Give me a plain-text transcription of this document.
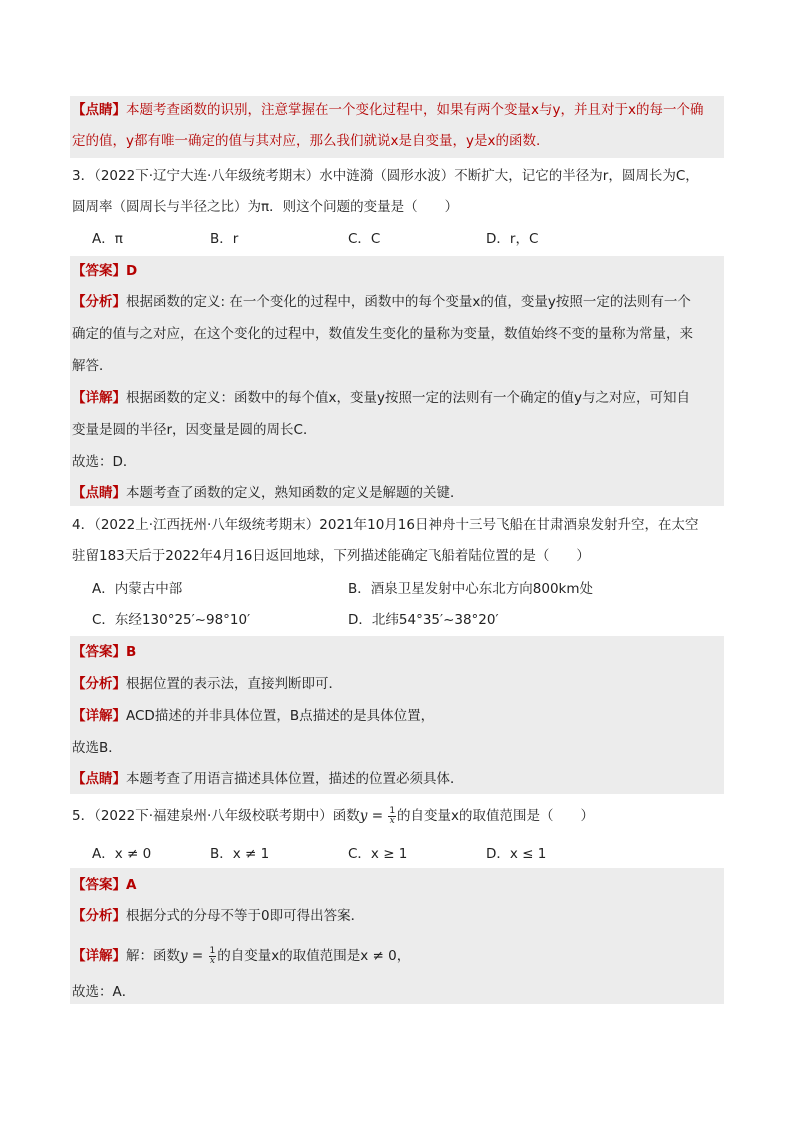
【点睛】本题考查函数的识别，注意掌握在一个变化过程中，如果有两个变量x与y，并且对于x的每一个确
定的值，y都有唯一确定的值与其对应，那么我们就说x是自变量，y是x的函数.
3．（2022下·辽宁大连·八年级统考期末）水中涟漪（圆形水波）不断扩大，记它的半径为r，圆周长为C，
圆周率（圆周长与半径之比）为π．则这个问题的变量是（　　）
A．π	B．r	C．C	D．r，C
【答案】D
【分析】根据函数的定义: 在一个变化的过程中，函数中的每个变量x的值，变量y按照一定的法则有一个
确定的值与之对应，在这个变化的过程中，数值发生变化的量称为变量，数值始终不变的量称为常量，来
解答．
【详解】根据函数的定义：函数中的每个值x，变量y按照一定的法则有一个确定的值y与之对应，可知自
变量是圆的半径r，因变量是圆的周长C．
故选：D．
【点睛】本题考查了函数的定义，熟知函数的定义是解题的关键．
4．（2022上·江西抚州·八年级统考期末）2021年10月16日神舟十三号飞船在甘肃酒泉发射升空，在太空
驻留183天后于2022年4月16日返回地球，下列描述能确定飞船着陆位置的是（　　）
A．内蒙古中部	B．酒泉卫星发射中心东北方向800km处
C．东经130°25′~98°10′	D．北纬54°35′~38°20′
【答案】B
【分析】根据位置的表示法，直接判断即可．
【详解】ACD描述的并非具体位置，B点描述的是具体位置，
故选B．
【点睛】本题考查了用语言描述具体位置，描述的位置必须具体．
5．（2022下·福建泉州·八年级校联考期中）函数$y = \frac{1}{x}$ 的自变量x的取值范围是（　　）
A．x ≠ 0	B．x ≠ 1	C．x ≥ 1	D．x ≤ 1
【答案】A
【分析】根据分式的分母不等于0即可得出答案．
【详解】解：函数$y = \frac{1}{x}$ 的自变量x的取值范围是x ≠ 0，
故选：A．
